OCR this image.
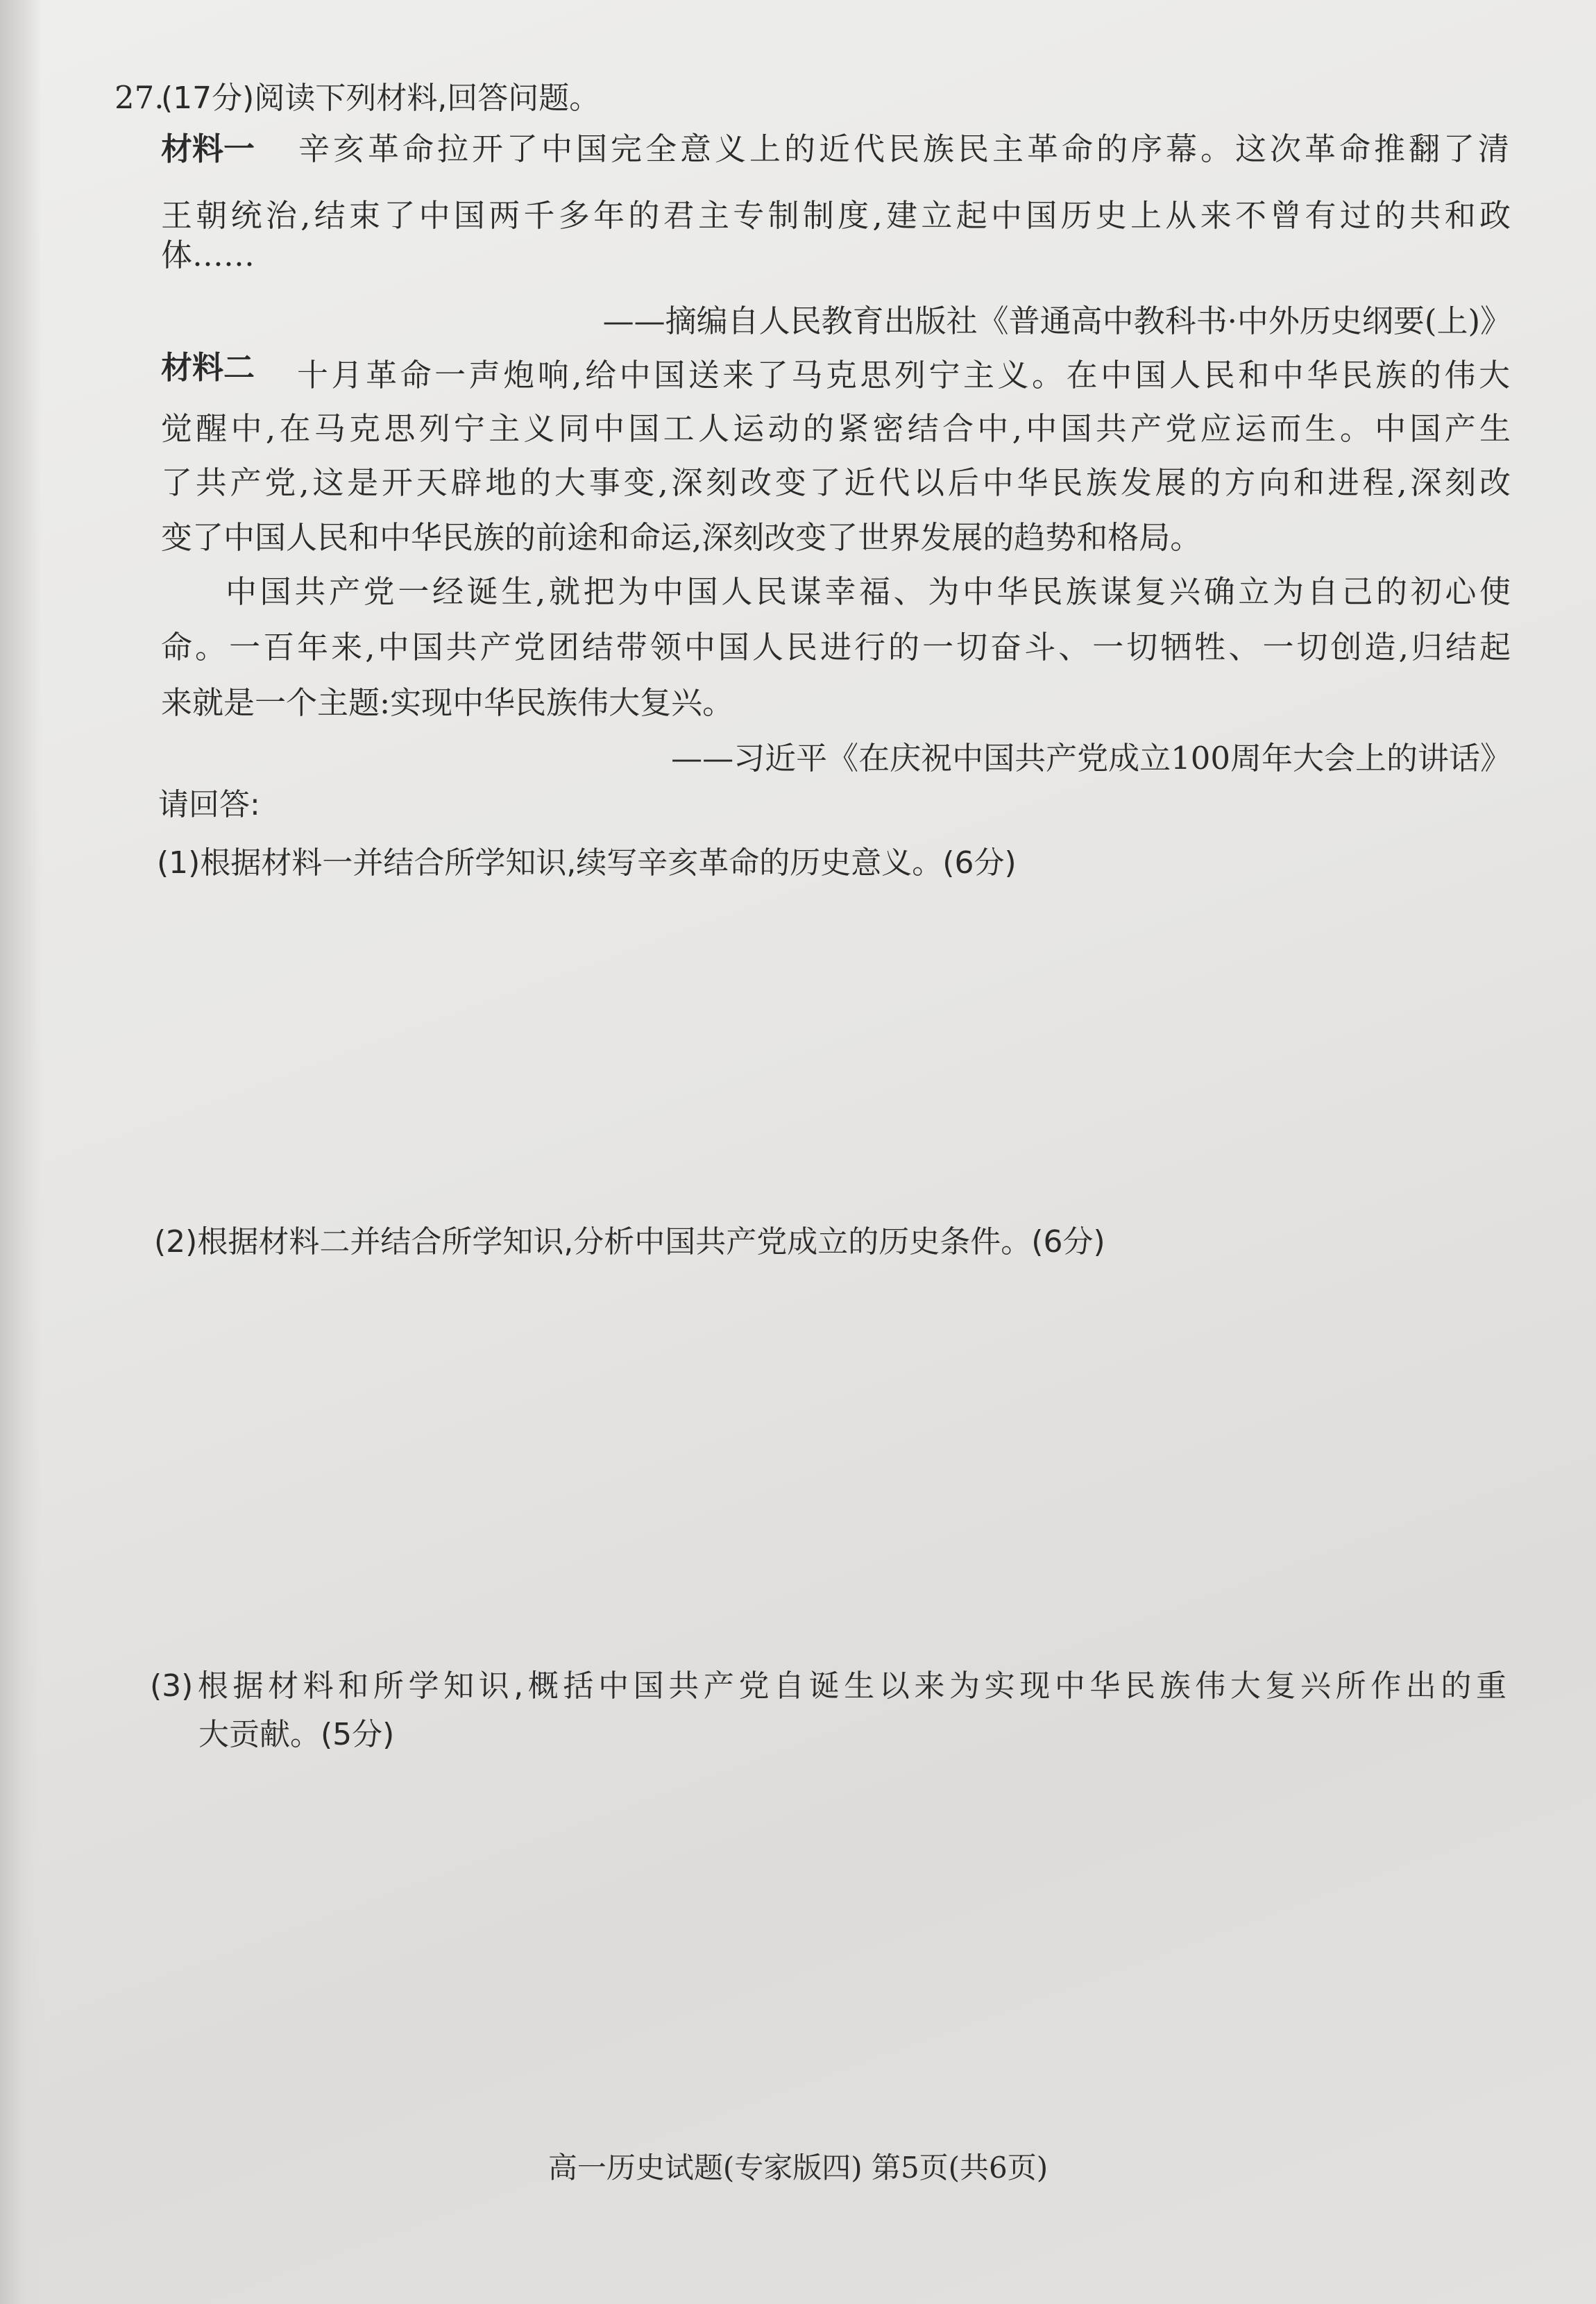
27.
(17分)阅读下列材料,回答问题。
材料一 辛亥革命拉开了中国完全意义上的近代民族民主革命的序幕。这次革命推翻了清
王朝统治,结束了中国两千多年的君主专制制度,建立起中国历史上从来不曾有过的共和政
体……
——摘编自人民教育出版社《普通高中教科书·中外历史纲要(上)》
材料二 十月革命一声炮响,给中国送来了马克思列宁主义。在中国人民和中华民族的伟大
觉醒中,在马克思列宁主义同中国工人运动的紧密结合中,中国共产党应运而生。中国产生
了共产党,这是开天辟地的大事变,深刻改变了近代以后中华民族发展的方向和进程,深刻改
变了中国人民和中华民族的前途和命运,深刻改变了世界发展的趋势和格局。
中国共产党一经诞生,就把为中国人民谋幸福、为中华民族谋复兴确立为自己的初心使
命。一百年来,中国共产党团结带领中国人民进行的一切奋斗、一切牺牲、一切创造,归结起
来就是一个主题:实现中华民族伟大复兴。
——习近平《在庆祝中国共产党成立100周年大会上的讲话》
请回答:
(1)根据材料一并结合所学知识,续写辛亥革命的历史意义。(6分)
(2)根据材料二并结合所学知识,分析中国共产党成立的历史条件。(6分)
(3)根据材料和所学知识,概括中国共产党自诞生以来为实现中华民族伟大复兴所作出的重
大贡献。(5分)
高一历史试题(专家版四) 第5页(共6页)
